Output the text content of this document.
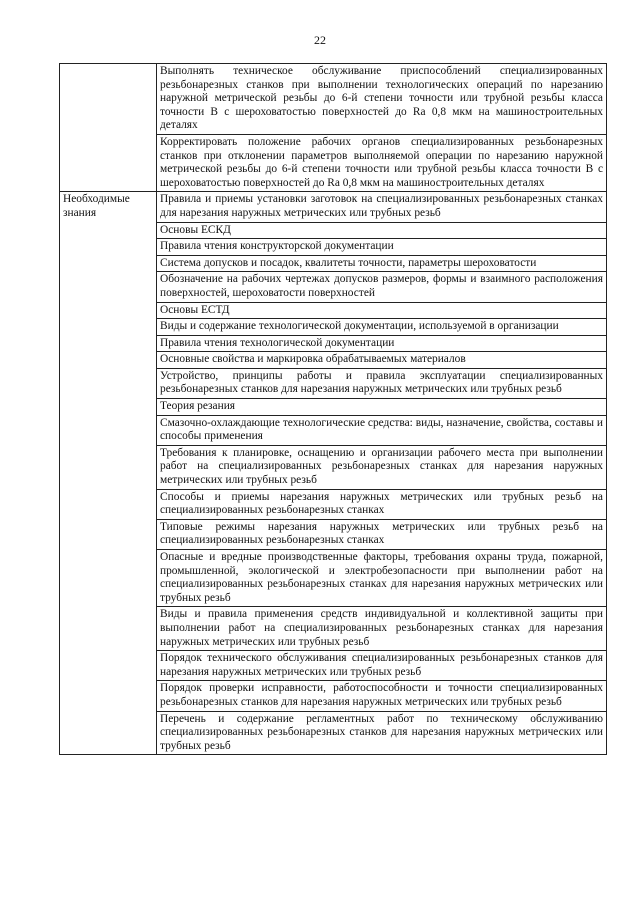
22

	Выполнять техническое обслуживание приспособлений специализированных резьбонарезных станков при выполнении технологических операций по нарезанию наружной метрической резьбы до 6-й степени точности или трубной резьбы класса точности В с шероховатостью поверхностей до Ra 0,8 мкм на машиностроительных деталях

	Корректировать положение рабочих органов специализированных резьбонарезных станков при отклонении параметров выполняемой операции по нарезанию наружной метрической резьбы до 6-й степени точности или трубной резьбы класса точности В с шероховатостью поверхностей до Ra 0,8 мкм на машиностроительных деталях

Необходимые знания	Правила и приемы установки заготовок на специализированных резьбонарезных станках для нарезания наружных метрических или трубных резьб

	Основы ЕСКД

	Правила чтения конструкторской документации

	Система допусков и посадок, квалитеты точности, параметры шероховатости

	Обозначение на рабочих чертежах допусков размеров, формы и взаимного расположения поверхностей, шероховатости поверхностей

	Основы ЕСТД

	Виды и содержание технологической документации, используемой в организации

	Правила чтения технологической документации

	Основные свойства и маркировка обрабатываемых материалов

	Устройство, принципы работы и правила эксплуатации специализированных резьбонарезных станков для нарезания наружных метрических или трубных резьб

	Теория резания

	Смазочно-охлаждающие технологические средства: виды, назначение, свойства, составы и способы применения

	Требования к планировке, оснащению и организации рабочего места при выполнении работ на специализированных резьбонарезных станках для нарезания наружных метрических или трубных резьб

	Способы и приемы нарезания наружных метрических или трубных резьб на специализированных резьбонарезных станках

	Типовые режимы нарезания наружных метрических или трубных резьб на специализированных резьбонарезных станках

	Опасные и вредные производственные факторы, требования охраны труда, пожарной, промышленной, экологической и электробезопасности при выполнении работ на специализированных резьбонарезных станках для нарезания наружных метрических или трубных резьб

	Виды и правила применения средств индивидуальной и коллективной защиты при выполнении работ на специализированных резьбонарезных станках для нарезания наружных метрических или трубных резьб

	Порядок технического обслуживания специализированных резьбонарезных станков для нарезания наружных метрических или трубных резьб

	Порядок проверки исправности, работоспособности и точности специализированных резьбонарезных станков для нарезания наружных метрических или трубных резьб

	Перечень и содержание регламентных работ по техническому обслуживанию специализированных резьбонарезных станков для нарезания наружных метрических или трубных резьб
